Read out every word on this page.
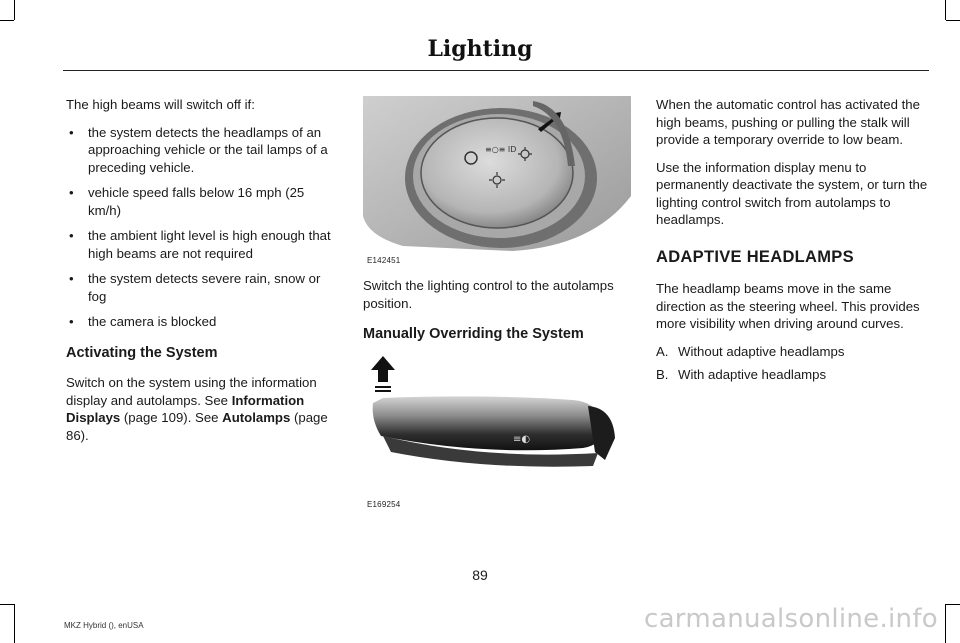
Lighting

The high beams will switch off if:

• the system detects the headlamps of an approaching vehicle or the tail lamps of a preceding vehicle.
• vehicle speed falls below 16 mph (25 km/h)
• the ambient light level is high enough that high beams are not required
• the system detects severe rain, snow or fog
• the camera is blocked
Activating the System

Switch on the system using the information display and autolamps. See Information Displays (page 109). See Autolamps (page 86).

≡○≡ ID
E142451

Switch the lighting control to the autolamps position.

Manually Overriding the System
≡◐
E169254

When the automatic control has activated the high beams, pushing or pulling the stalk will provide a temporary override to low beam.

Use the information display menu to permanently deactivate the system, or turn the lighting control switch from autolamps to headlamps.

ADAPTIVE HEADLAMPS

The headlamp beams move in the same direction as the steering wheel. This provides more visibility when driving around curves.

A. Without adaptive headlamps
B. With adaptive headlamps
89
MKZ Hybrid (), enUSA	carmanualsonline.info
